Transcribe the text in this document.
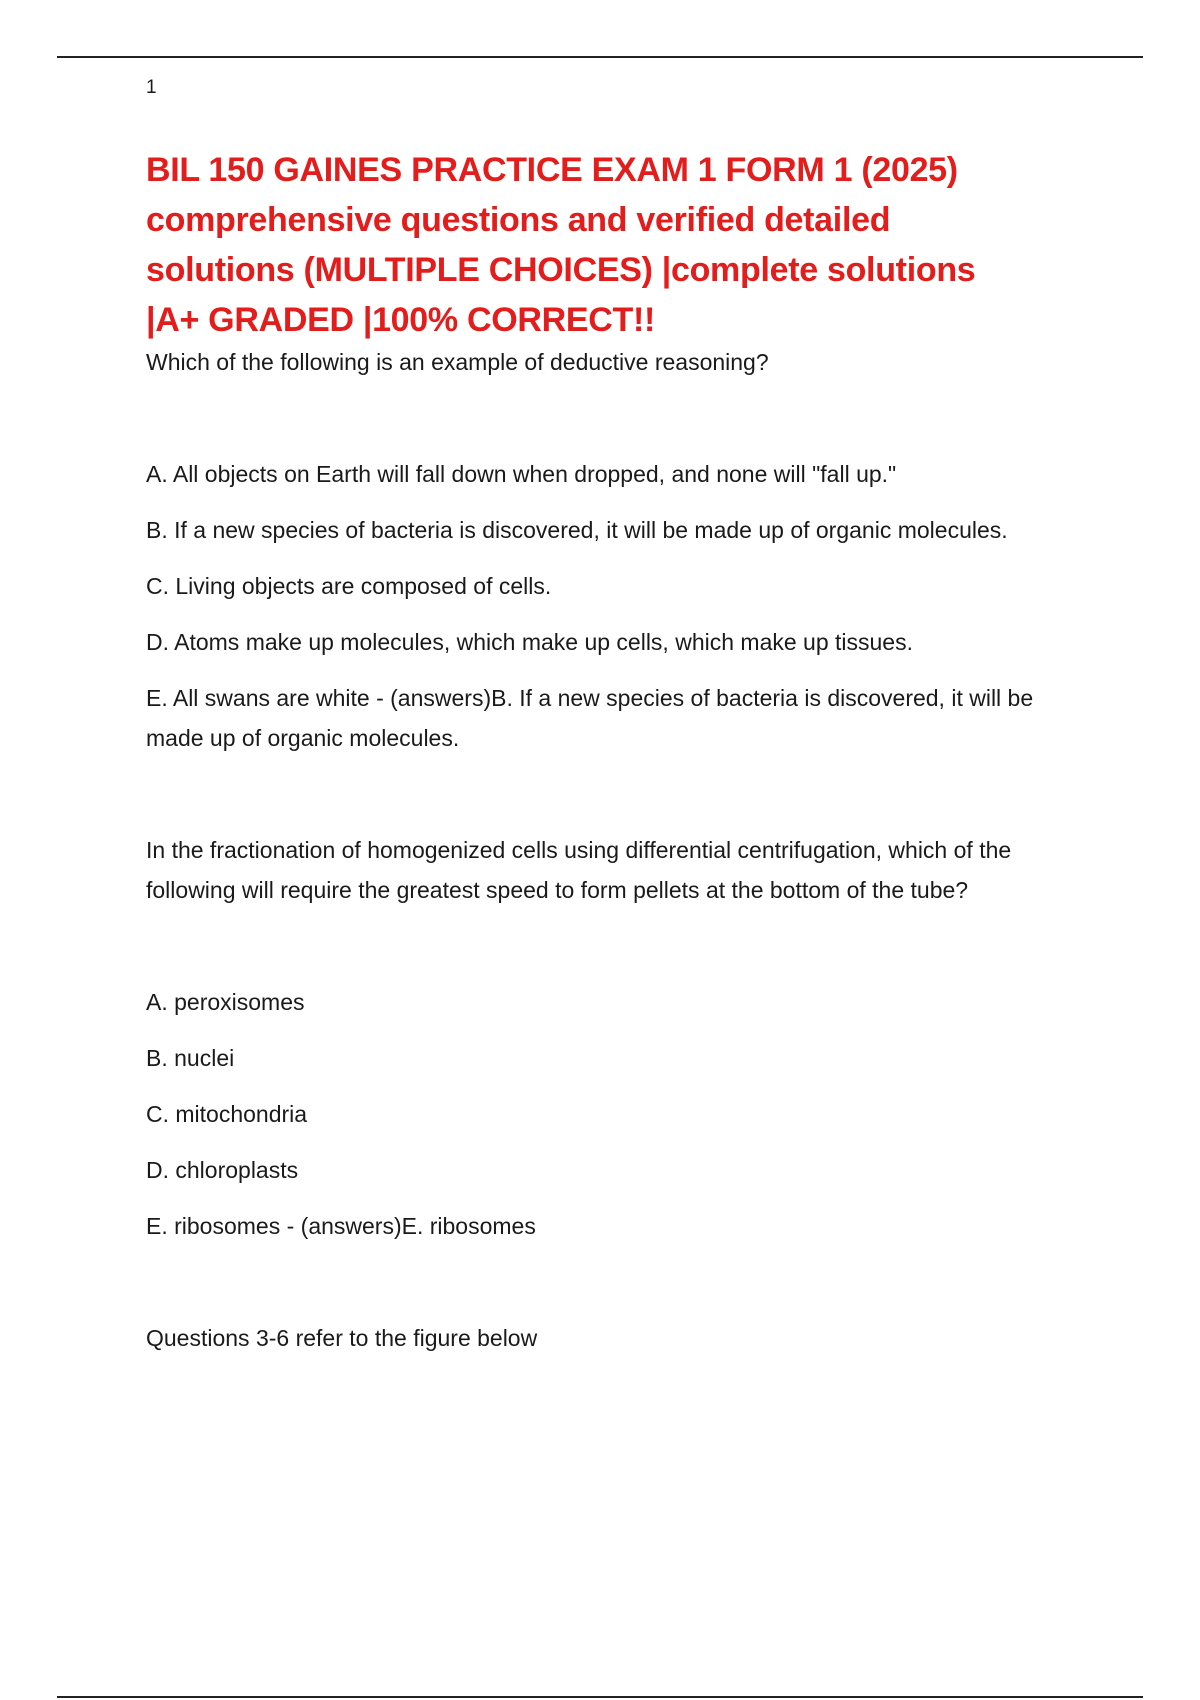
1
BIL 150 GAINES PRACTICE EXAM 1 FORM 1 (2025)
comprehensive questions and verified detailed
solutions (MULTIPLE CHOICES) |complete solutions
|A+ GRADED |100% CORRECT!!

Which of the following is an example of deductive reasoning?

A. All objects on Earth will fall down when dropped, and none will "fall up."

B. If a new species of bacteria is discovered, it will be made up of organic molecules.

C. Living objects are composed of cells.

D. Atoms make up molecules, which make up cells, which make up tissues.

E. All swans are white - (answers)B. If a new species of bacteria is discovered, it will be made up of organic molecules.

In the fractionation of homogenized cells using differential centrifugation, which of the following will require the greatest speed to form pellets at the bottom of the tube?

A. peroxisomes

B. nuclei

C. mitochondria

D. chloroplasts

E. ribosomes - (answers)E. ribosomes

Questions 3-6 refer to the figure below
